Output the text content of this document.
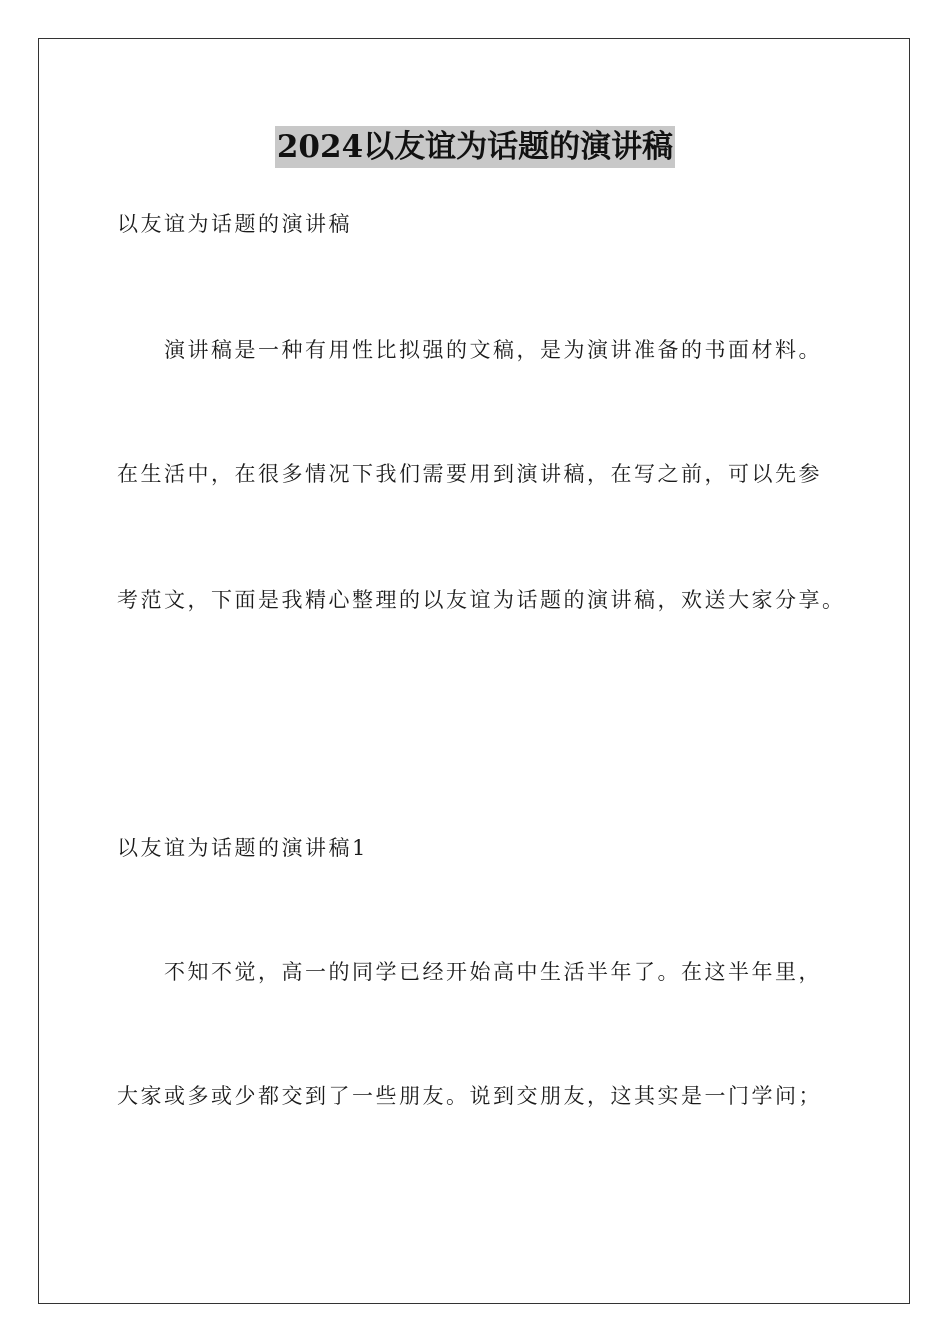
2024以友谊为话题的演讲稿
以友谊为话题的演讲稿
演讲稿是一种有用性比拟强的文稿，是为演讲准备的书面材料。
在生活中，在很多情况下我们需要用到演讲稿，在写之前，可以先参
考范文，下面是我精心整理的以友谊为话题的演讲稿，欢送大家分享。
以友谊为话题的演讲稿1
不知不觉，高一的同学已经开始高中生活半年了。在这半年里，
大家或多或少都交到了一些朋友。说到交朋友，这其实是一门学问；
